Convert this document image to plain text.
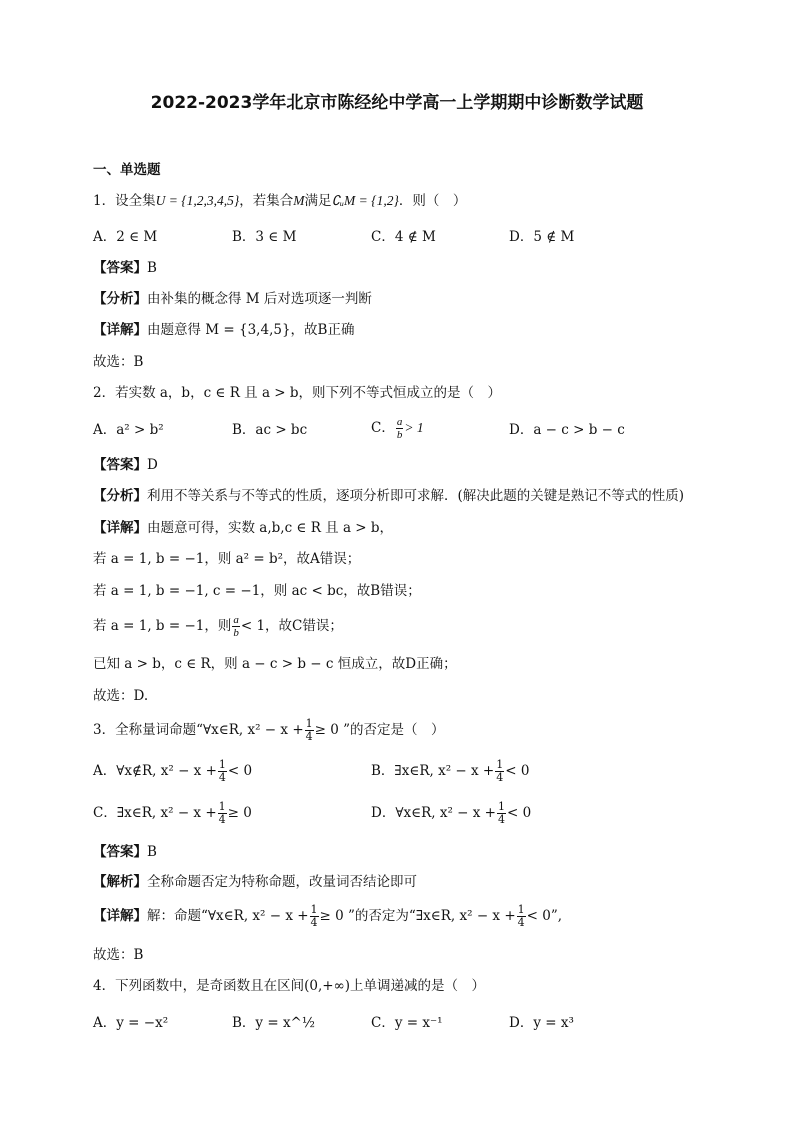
2022-2023学年北京市陈经纶中学高一上学期期中诊断数学试题
一、单选题
1．设全集U = {1,2,3,4,5}，若集合M满足∁ᵤM = {1,2}．则（　）
A．2 ∈ M	B．3 ∈ M	C．4 ∉ M	D．5 ∉ M
【答案】B
【分析】由补集的概念得 M 后对选项逐一判断
【详解】由题意得 M = {3,4,5}，故B正确
故选：B
2．若实数 a，b，c ∈ R 且 a > b，则下列不等式恒成立的是（　）
A．a² > b²	B．ac > bc	C． $\frac{a}{b} > 1$	D．a − c > b − c
【答案】D
【分析】利用不等关系与不等式的性质，逐项分析即可求解．(解决此题的关键是熟记不等式的性质)
【详解】由题意可得，实数 a,b,c ∈ R 且 a > b，
若 a = 1, b = −1，则 a² = b²，故A错误；
若 a = 1, b = −1, c = −1，则 ac < bc，故B错误；
若 a = 1, b = −1，则 $\frac{a}{b} < 1$，故C错误；
已知 a > b，c ∈ R，则 a − c > b − c 恒成立，故D正确；
故选：D.
3．全称量词命题“∀x∈R, $x^2 - x + \frac{1}{4} \ge 0$ ”的否定是（　）
A．∀x∉R, $x^2 - x + \frac{1}{4} < 0$	B．∃x∈R, $x^2 - x + \frac{1}{4} < 0$
C．∃x∈R, $x^2 - x + \frac{1}{4} \ge 0$	D．∀x∈R, $x^2 - x + \frac{1}{4} < 0$
【答案】B
【解析】全称命题否定为特称命题，改量词否结论即可
【详解】解：命题“∀x∈R, $x^2 - x + \frac{1}{4} \ge 0$ ”的否定为“∃x∈R, $x^2 - x + \frac{1}{4} < 0$”,
故选：B
4．下列函数中，是奇函数且在区间(0,+∞)上单调递减的是（　）
A．y = −x²	B．y = x^½	C．y = x⁻¹	D．y = x³
